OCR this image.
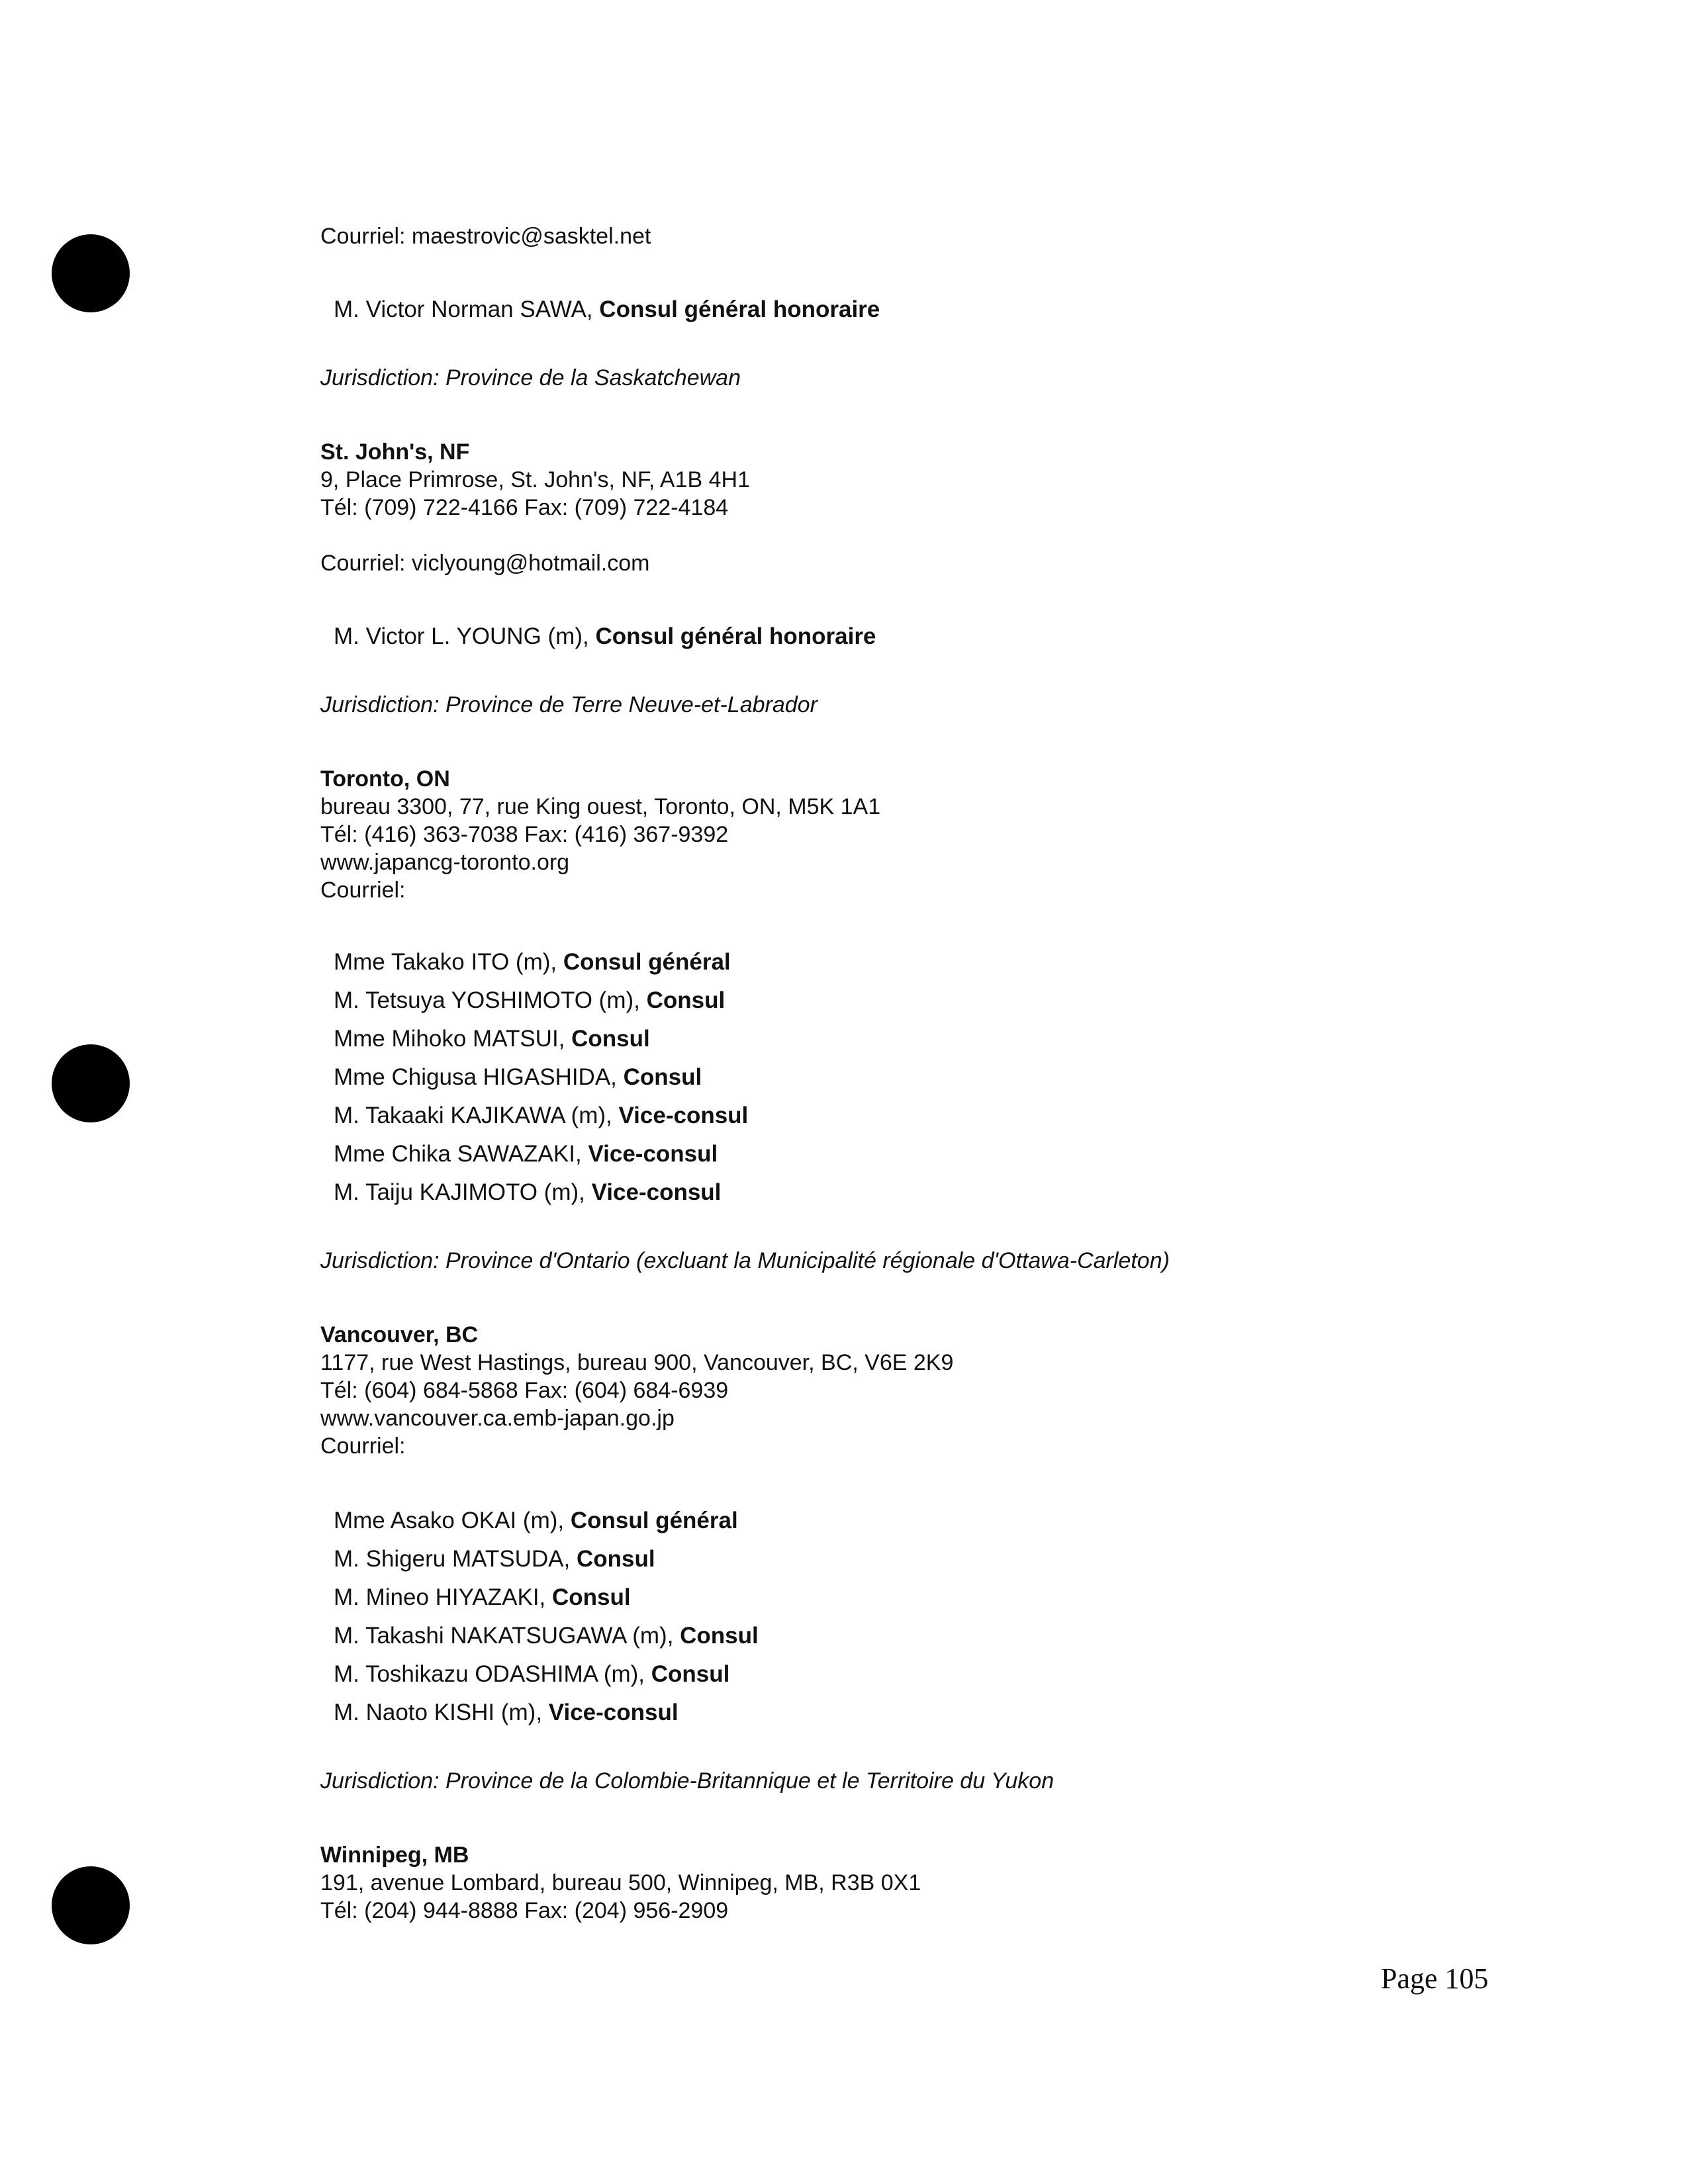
Courriel: maestrovic@sasktel.net
M. Victor Norman SAWA, Consul général honoraire
Jurisdiction: Province de la Saskatchewan
St. John's, NF
9, Place Primrose, St. John's, NF, A1B 4H1
Tél: (709) 722-4166 Fax: (709) 722-4184
Courriel: viclyoung@hotmail.com
M. Victor L. YOUNG (m), Consul général honoraire
Jurisdiction: Province de Terre Neuve-et-Labrador
Toronto, ON
bureau 3300, 77, rue King ouest, Toronto, ON, M5K 1A1
Tél: (416) 363-7038 Fax: (416) 367-9392
www.japancg-toronto.org
Courriel:
Mme Takako ITO (m), Consul général
M. Tetsuya YOSHIMOTO (m), Consul
Mme Mihoko MATSUI, Consul
Mme Chigusa HIGASHIDA, Consul
M. Takaaki KAJIKAWA (m), Vice-consul
Mme Chika SAWAZAKI, Vice-consul
M. Taiju KAJIMOTO (m), Vice-consul
Jurisdiction: Province d'Ontario (excluant la Municipalité régionale d'Ottawa-Carleton)
Vancouver, BC
1177, rue West Hastings, bureau 900, Vancouver, BC, V6E 2K9
Tél: (604) 684-5868 Fax: (604) 684-6939
www.vancouver.ca.emb-japan.go.jp
Courriel:
Mme Asako OKAI (m), Consul général
M. Shigeru MATSUDA, Consul
M. Mineo HIYAZAKI, Consul
M. Takashi NAKATSUGAWA (m), Consul
M. Toshikazu ODASHIMA (m), Consul
M. Naoto KISHI (m), Vice-consul
Jurisdiction: Province de la Colombie-Britannique et le Territoire du Yukon
Winnipeg, MB
191, avenue Lombard, bureau 500, Winnipeg, MB, R3B 0X1
Tél: (204) 944-8888 Fax: (204) 956-2909
Page 105
